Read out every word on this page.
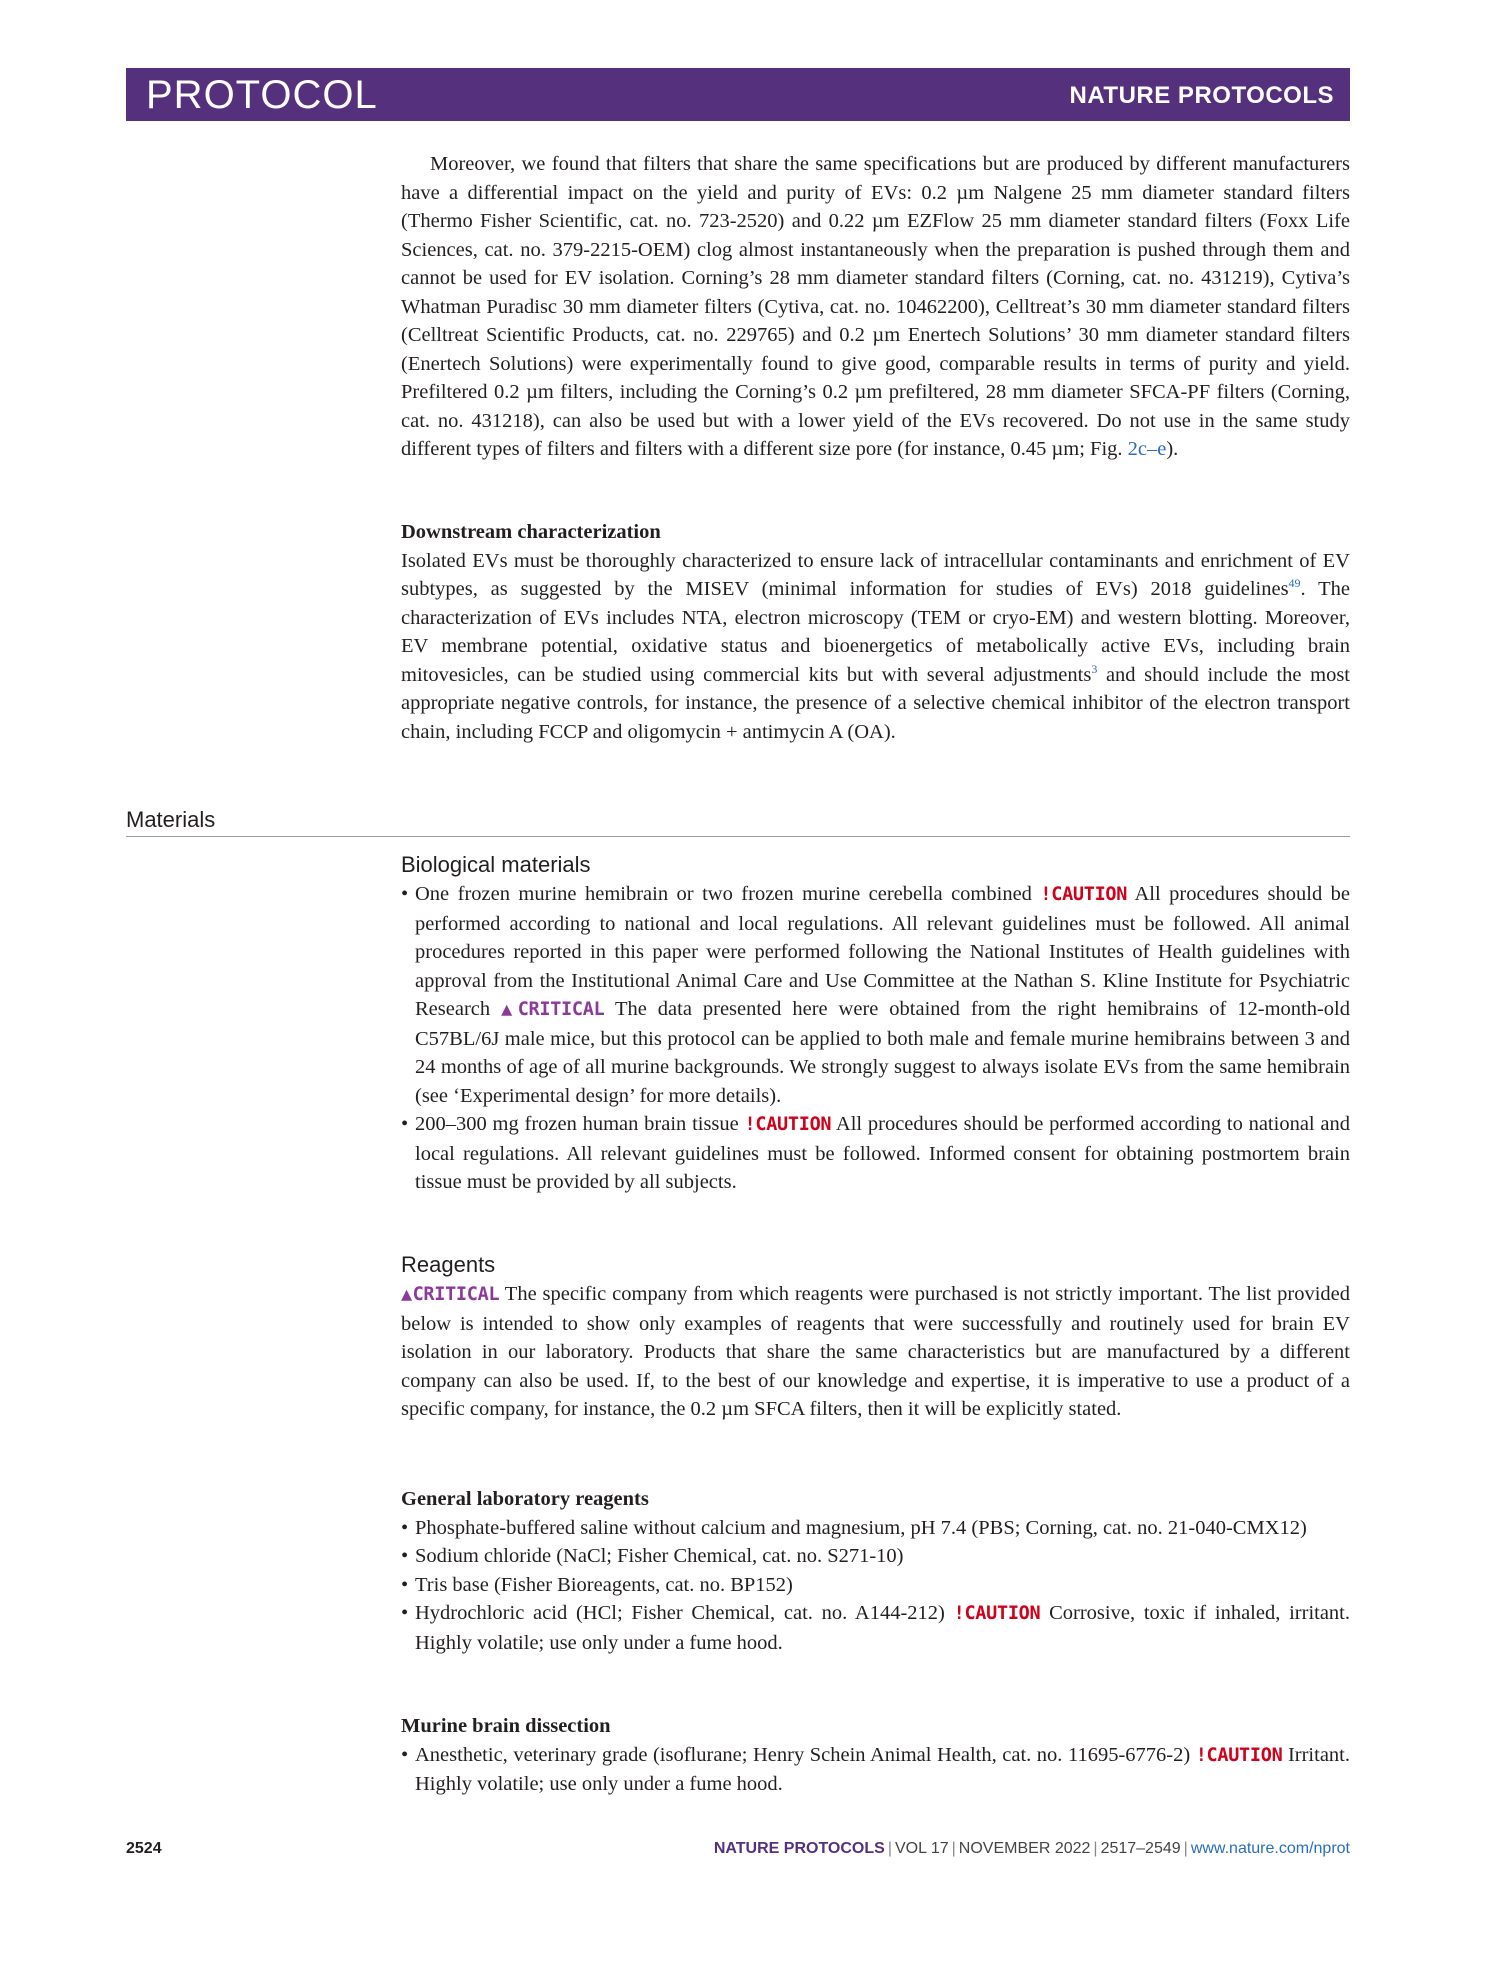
PROTOCOL	NATURE PROTOCOLS

Moreover, we found that filters that share the same specifications but are produced by different manufacturers have a differential impact on the yield and purity of EVs: 0.2 µm Nalgene 25 mm diameter standard filters (Thermo Fisher Scientific, cat. no. 723-2520) and 0.22 µm EZFlow 25 mm diameter standard filters (Foxx Life Sciences, cat. no. 379-2215-OEM) clog almost instantaneously when the preparation is pushed through them and cannot be used for EV isolation. Corning’s 28 mm diameter standard filters (Corning, cat. no. 431219), Cytiva’s Whatman Puradisc 30 mm diameter filters (Cytiva, cat. no. 10462200), Celltreat’s 30 mm diameter standard filters (Celltreat Scientific Products, cat. no. 229765) and 0.2 µm Enertech Solutions’ 30 mm diameter standard filters (Enertech Solutions) were experimentally found to give good, comparable results in terms of purity and yield. Prefiltered 0.2 µm filters, including the Corning’s 0.2 µm prefiltered, 28 mm diameter SFCA-PF filters (Corning, cat. no. 431218), can also be used but with a lower yield of the EVs recovered. Do not use in the same study different types of filters and filters with a different size pore (for instance, 0.45 µm; Fig. 2c–e).

Downstream characterization

Isolated EVs must be thoroughly characterized to ensure lack of intracellular contaminants and enrichment of EV subtypes, as suggested by the MISEV (minimal information for studies of EVs) 2018 guidelines$^{49}$. The characterization of EVs includes NTA, electron microscopy (TEM or cryo-EM) and western blotting. Moreover, EV membrane potential, oxidative status and bioenergetics of metabolically active EVs, including brain mitovesicles, can be studied using commercial kits but with several adjustments$^3$ and should include the most appropriate negative controls, for instance, the presence of a selective chemical inhibitor of the electron transport chain, including FCCP and oligomycin + antimycin A (OA).

Materials

Biological materials

• One frozen murine hemibrain or two frozen murine cerebella combined !CAUTION All procedures should be performed according to national and local regulations. All relevant guidelines must be followed. All animal procedures reported in this paper were performed following the National Institutes of Health guidelines with approval from the Institutional Animal Care and Use Committee at the Nathan S. Kline Institute for Psychiatric Research ▲CRITICAL The data presented here were obtained from the right hemibrains of 12-month-old C57BL/6J male mice, but this protocol can be applied to both male and female murine hemibrains between 3 and 24 months of age of all murine backgrounds. We strongly suggest to always isolate EVs from the same hemibrain (see ‘Experimental design’ for more details).
• 200–300 mg frozen human brain tissue !CAUTION All procedures should be performed according to national and local regulations. All relevant guidelines must be followed. Informed consent for obtaining postmortem brain tissue must be provided by all subjects.

Reagents

▲CRITICAL The specific company from which reagents were purchased is not strictly important. The list provided below is intended to show only examples of reagents that were successfully and routinely used for brain EV isolation in our laboratory. Products that share the same characteristics but are manufactured by a different company can also be used. If, to the best of our knowledge and expertise, it is imperative to use a product of a specific company, for instance, the 0.2 µm SFCA filters, then it will be explicitly stated.

General laboratory reagents

• Phosphate-buffered saline without calcium and magnesium, pH 7.4 (PBS; Corning, cat. no. 21-040-CMX12)
• Sodium chloride (NaCl; Fisher Chemical, cat. no. S271-10)
• Tris base (Fisher Bioreagents, cat. no. BP152)
• Hydrochloric acid (HCl; Fisher Chemical, cat. no. A144-212) !CAUTION Corrosive, toxic if inhaled, irritant. Highly volatile; use only under a fume hood.

Murine brain dissection

• Anesthetic, veterinary grade (isoflurane; Henry Schein Animal Health, cat. no. 11695-6776-2) !CAUTION Irritant. Highly volatile; use only under a fume hood.
2524	NATURE PROTOCOLS | VOL 17 | NOVEMBER 2022 | 2517–2549 | www.nature.com/nprot
